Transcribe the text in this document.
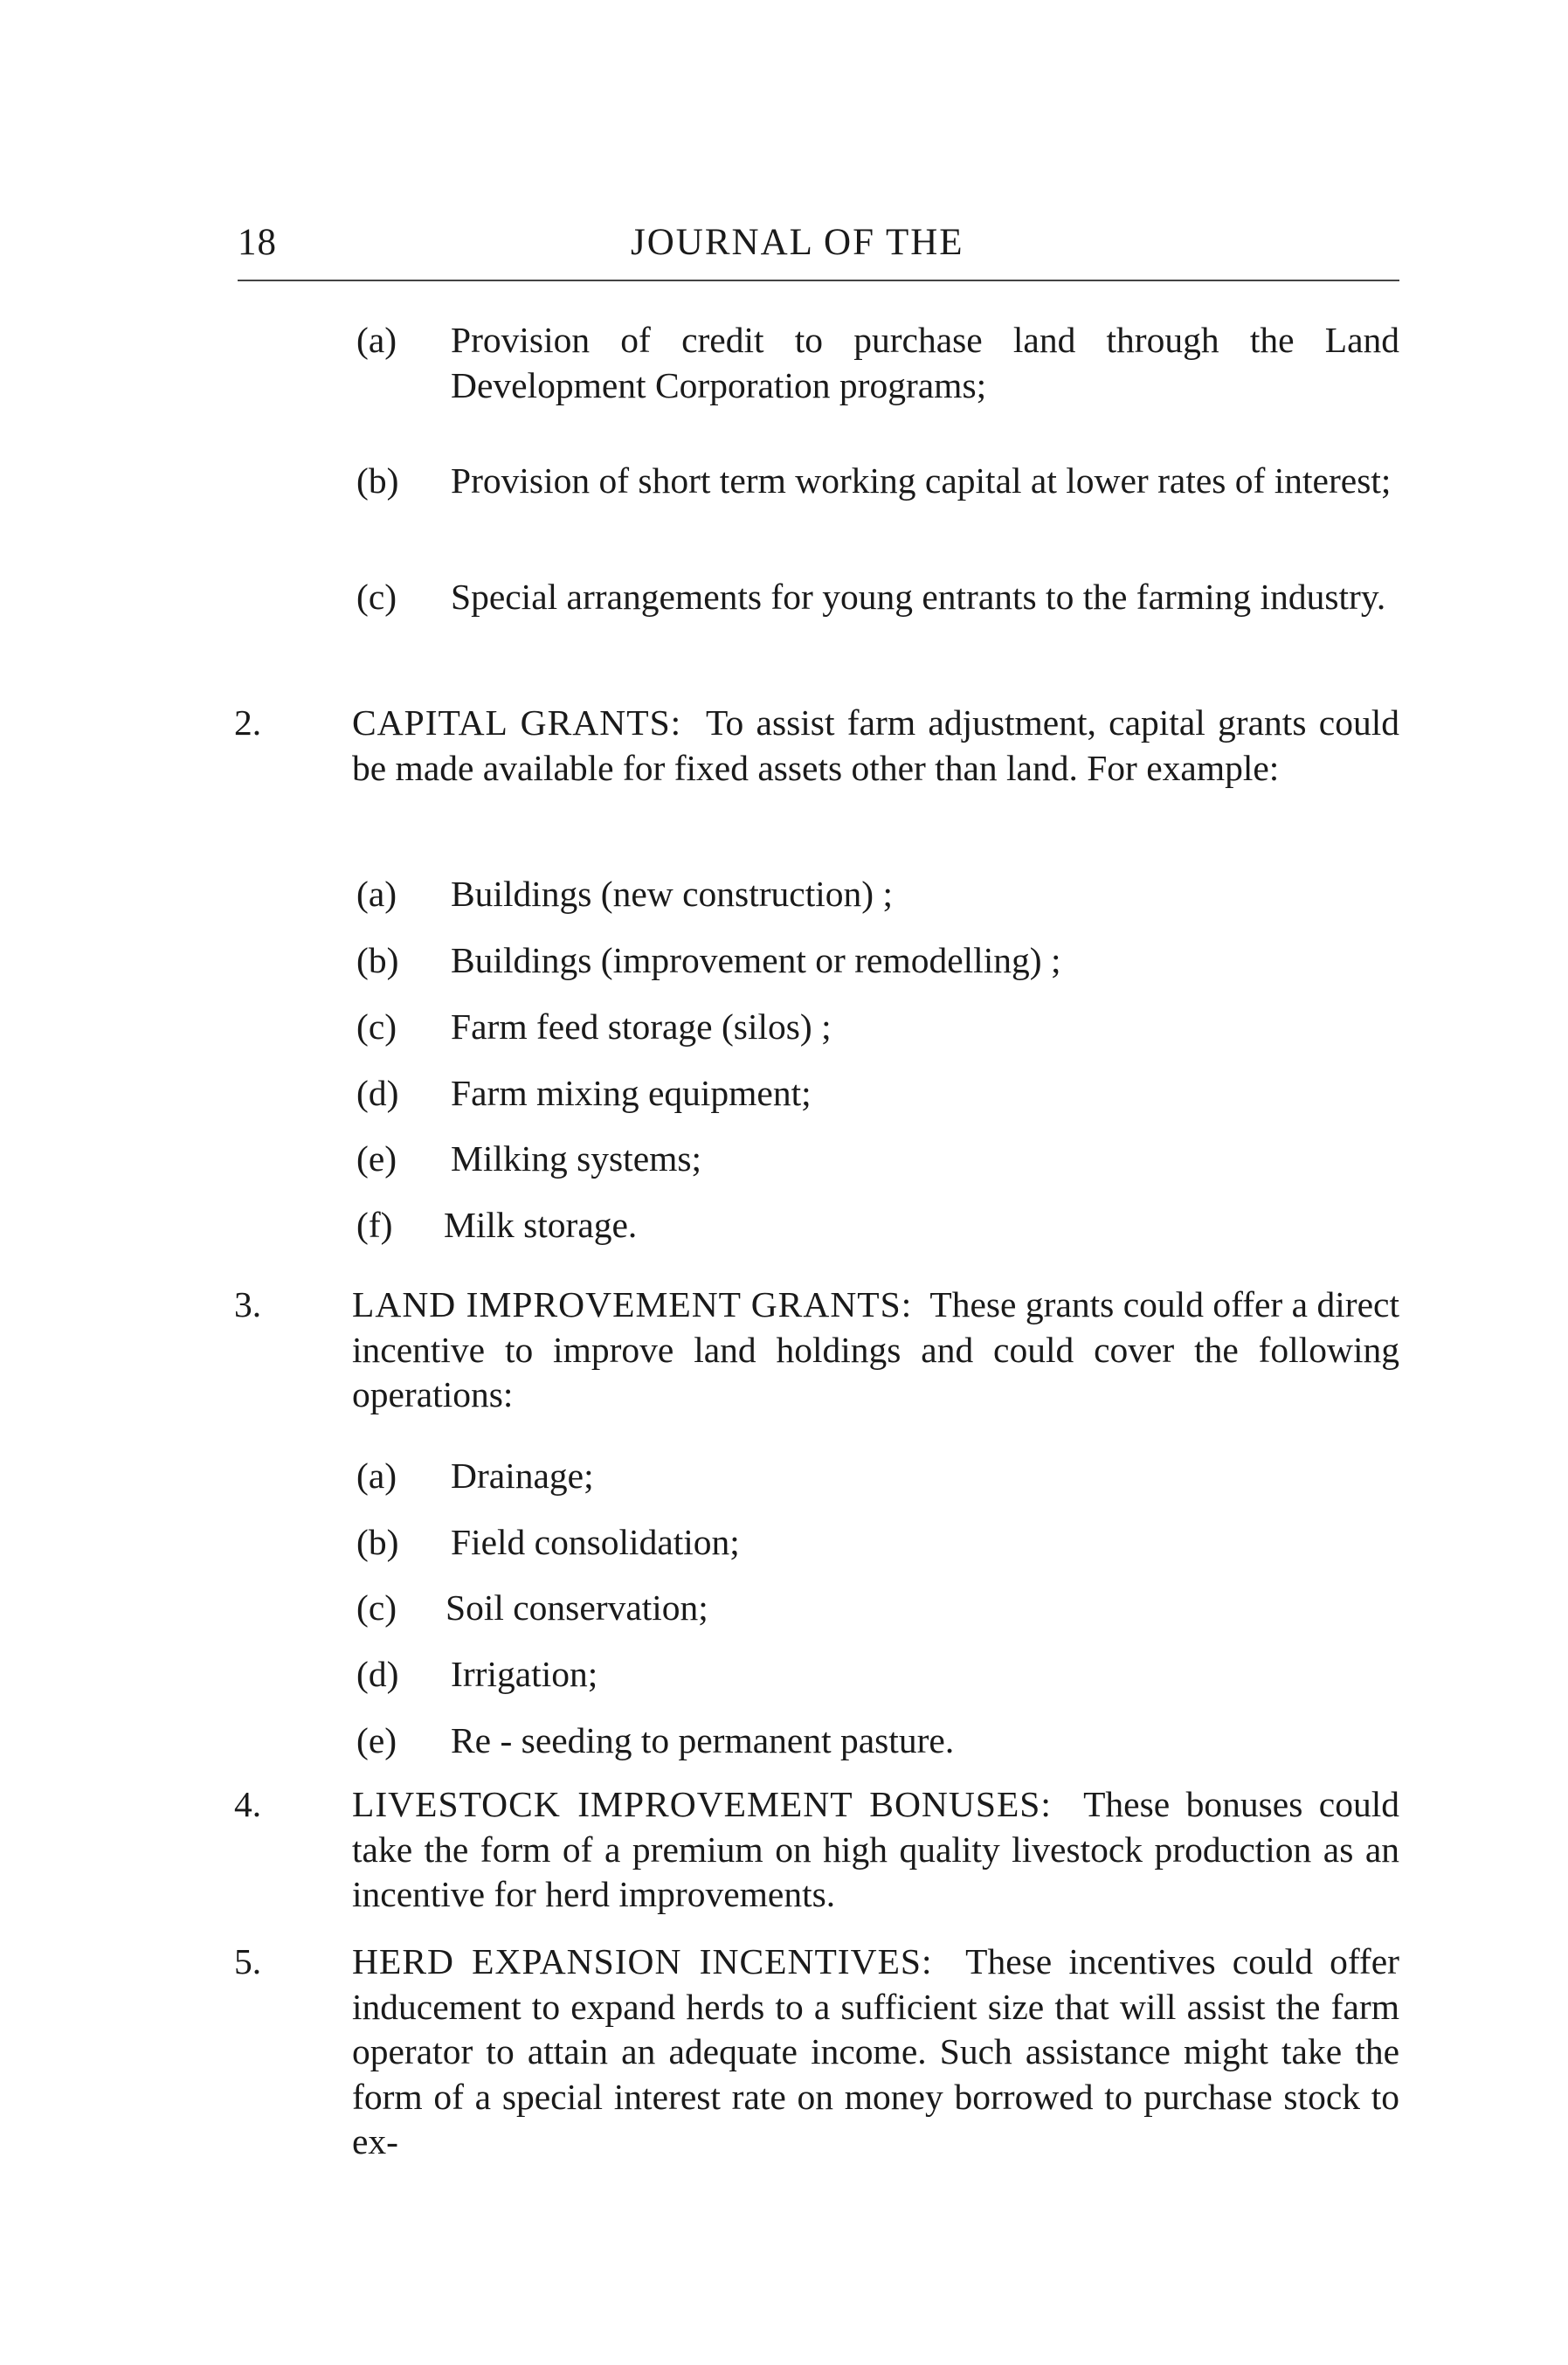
18	JOURNAL OF THE
(a) Provision of credit to purchase land through the Land Development Corporation programs;
(b) Provision of short term working capital at lower rates of interest;
(c) Special arrangements for young entrants to the farming industry.
2.	CAPITAL GRANTS: To assist farm adjustment, capital grants could be made available for fixed assets other than land. For example:
(a) Buildings (new construction) ;
(b) Buildings (improvement or remodelling) ;
(c) Farm feed storage (silos) ;
(d) Farm mixing equipment;
(e) Milking systems;
(f) Milk storage.
3.	LAND IMPROVEMENT GRANTS: These grants could offer a direct incentive to improve land holdings and could cover the following operations:
(a) Drainage;
(b) Field consolidation;
(c) Soil conservation;
(d) Irrigation;
(e) Re - seeding to permanent pasture.
4.	LIVESTOCK IMPROVEMENT BONUSES: These bonuses could take the form of a premium on high quality livestock production as an incentive for herd improvements.
5.	HERD EXPANSION INCENTIVES: These incentives could offer inducement to expand herds to a sufficient size that will assist the farm operator to attain an adequate income. Such assistance might take the form of a special interest rate on money borrowed to purchase stock to ex-
